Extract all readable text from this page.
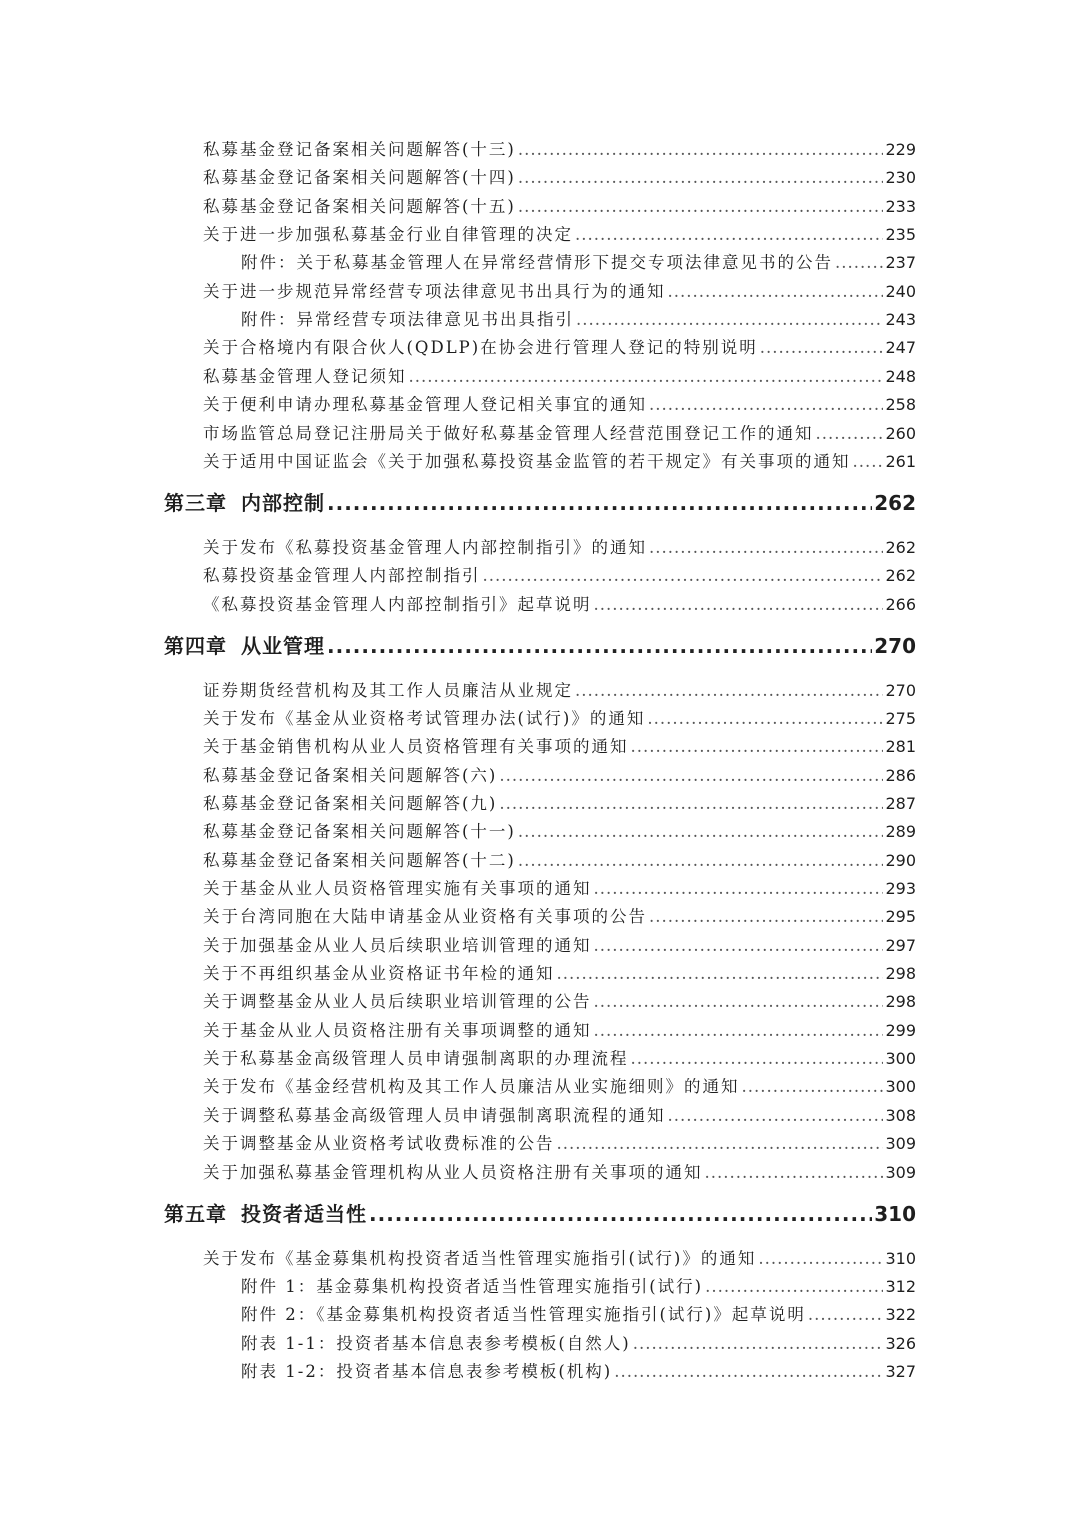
私募基金登记备案相关问题解答(十三) .....	229
私募基金登记备案相关问题解答(十四) .....	230
私募基金登记备案相关问题解答(十五) .....	233
关于进一步加强私募基金行业自律管理的决定 .....	235
附件：关于私募基金管理人在异常经营情形下提交专项法律意见书的公告 .....	237
关于进一步规范异常经营专项法律意见书出具行为的通知 .....	240
附件：异常经营专项法律意见书出具指引 .....	243
关于合格境内有限合伙人(QDLP)在协会进行管理人登记的特别说明 .....	247
私募基金管理人登记须知 .....	248
关于便利申请办理私募基金管理人登记相关事宜的通知 .....	258
市场监管总局登记注册局关于做好私募基金管理人经营范围登记工作的通知 .....	260
关于适用中国证监会《关于加强私募投资基金监管的若干规定》有关事项的通知 ..... 261
第三章 内部控制 .....	262
关于发布《私募投资基金管理人内部控制指引》的通知 .....	262
私募投资基金管理人内部控制指引 .....	262
《私募投资基金管理人内部控制指引》起草说明 .....	266
第四章 从业管理 .....	270
证券期货经营机构及其工作人员廉洁从业规定 .....	270
关于发布《基金从业资格考试管理办法(试行)》的通知 .....	275
关于基金销售机构从业人员资格管理有关事项的通知 .....	281
私募基金登记备案相关问题解答(六) .....	286
私募基金登记备案相关问题解答(九) .....	287
私募基金登记备案相关问题解答(十一) .....	289
私募基金登记备案相关问题解答(十二) .....	290
关于基金从业人员资格管理实施有关事项的通知 .....	293
关于台湾同胞在大陆申请基金从业资格有关事项的公告 .....	295
关于加强基金从业人员后续职业培训管理的通知 .....	297
关于不再组织基金从业资格证书年检的通知 .....	298
关于调整基金从业人员后续职业培训管理的公告 .....	298
关于基金从业人员资格注册有关事项调整的通知 .....	299
关于私募基金高级管理人员申请强制离职的办理流程 .....	300
关于发布《基金经营机构及其工作人员廉洁从业实施细则》的通知 .....	300
关于调整私募基金高级管理人员申请强制离职流程的通知 .....	308
关于调整基金从业资格考试收费标准的公告 .....	309
关于加强私募基金管理机构从业人员资格注册有关事项的通知 .....	309
第五章 投资者适当性 .....	310
关于发布《基金募集机构投资者适当性管理实施指引(试行)》的通知 .....	310
附件 1：基金募集机构投资者适当性管理实施指引(试行) .....	312
附件 2：《基金募集机构投资者适当性管理实施指引(试行)》起草说明 .....	322
附表 1-1：投资者基本信息表参考模板(自然人) .....	326
附表 1-2：投资者基本信息表参考模板(机构) .....	327
